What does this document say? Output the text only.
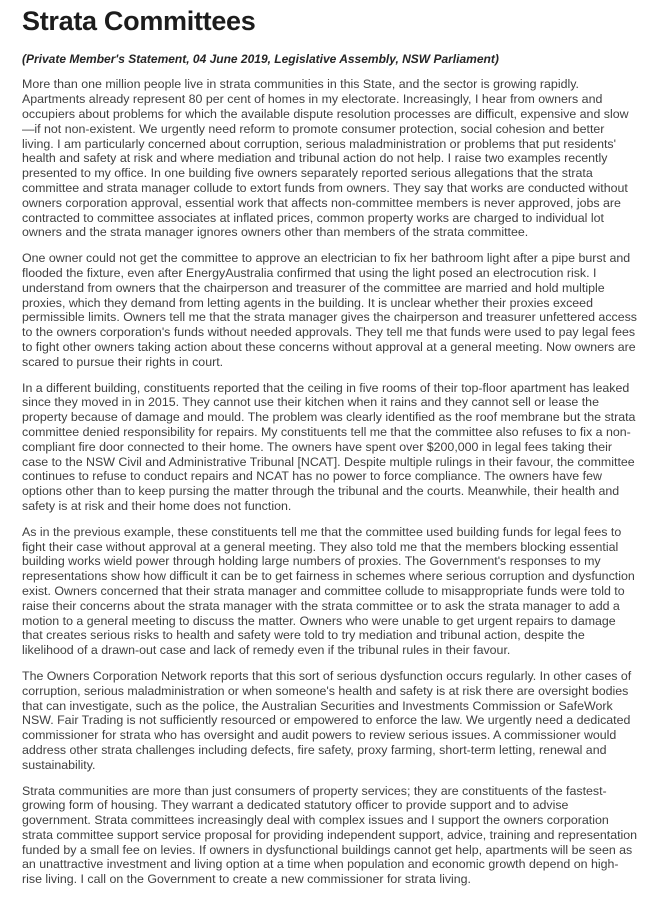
Strata Committees

(Private Member's Statement, 04 June 2019, Legislative Assembly, NSW Parliament)

More than one million people live in strata communities in this State, and the sector is growing rapidly. Apartments already represent 80 per cent of homes in my electorate. Increasingly, I hear from owners and occupiers about problems for which the available dispute resolution processes are difficult, expensive and slow—if not non-existent. We urgently need reform to promote consumer protection, social cohesion and better living. I am particularly concerned about corruption, serious maladministration or problems that put residents' health and safety at risk and where mediation and tribunal action do not help. I raise two examples recently presented to my office. In one building five owners separately reported serious allegations that the strata committee and strata manager collude to extort funds from owners. They say that works are conducted without owners corporation approval, essential work that affects non-committee members is never approved, jobs are contracted to committee associates at inflated prices, common property works are charged to individual lot owners and the strata manager ignores owners other than members of the strata committee.

One owner could not get the committee to approve an electrician to fix her bathroom light after a pipe burst and flooded the fixture, even after EnergyAustralia confirmed that using the light posed an electrocution risk. I understand from owners that the chairperson and treasurer of the committee are married and hold multiple proxies, which they demand from letting agents in the building. It is unclear whether their proxies exceed permissible limits. Owners tell me that the strata manager gives the chairperson and treasurer unfettered access to the owners corporation's funds without needed approvals. They tell me that funds were used to pay legal fees to fight other owners taking action about these concerns without approval at a general meeting. Now owners are scared to pursue their rights in court.

In a different building, constituents reported that the ceiling in five rooms of their top-floor apartment has leaked since they moved in in 2015. They cannot use their kitchen when it rains and they cannot sell or lease the property because of damage and mould. The problem was clearly identified as the roof membrane but the strata committee denied responsibility for repairs. My constituents tell me that the committee also refuses to fix a non-compliant fire door connected to their home. The owners have spent over $200,000 in legal fees taking their case to the NSW Civil and Administrative Tribunal [NCAT]. Despite multiple rulings in their favour, the committee continues to refuse to conduct repairs and NCAT has no power to force compliance. The owners have few options other than to keep pursing the matter through the tribunal and the courts. Meanwhile, their health and safety is at risk and their home does not function.

As in the previous example, these constituents tell me that the committee used building funds for legal fees to fight their case without approval at a general meeting. They also told me that the members blocking essential building works wield power through holding large numbers of proxies. The Government's responses to my representations show how difficult it can be to get fairness in schemes where serious corruption and dysfunction exist. Owners concerned that their strata manager and committee collude to misappropriate funds were told to raise their concerns about the strata manager with the strata committee or to ask the strata manager to add a motion to a general meeting to discuss the matter. Owners who were unable to get urgent repairs to damage that creates serious risks to health and safety were told to try mediation and tribunal action, despite the likelihood of a drawn-out case and lack of remedy even if the tribunal rules in their favour.

The Owners Corporation Network reports that this sort of serious dysfunction occurs regularly. In other cases of corruption, serious maladministration or when someone's health and safety is at risk there are oversight bodies that can investigate, such as the police, the Australian Securities and Investments Commission or SafeWork NSW. Fair Trading is not sufficiently resourced or empowered to enforce the law. We urgently need a dedicated commissioner for strata who has oversight and audit powers to review serious issues. A commissioner would address other strata challenges including defects, fire safety, proxy farming, short-term letting, renewal and sustainability.

Strata communities are more than just consumers of property services; they are constituents of the fastest-growing form of housing. They warrant a dedicated statutory officer to provide support and to advise government. Strata committees increasingly deal with complex issues and I support the owners corporation strata committee support service proposal for providing independent support, advice, training and representation funded by a small fee on levies. If owners in dysfunctional buildings cannot get help, apartments will be seen as an unattractive investment and living option at a time when population and economic growth depend on high-rise living. I call on the Government to create a new commissioner for strata living.
